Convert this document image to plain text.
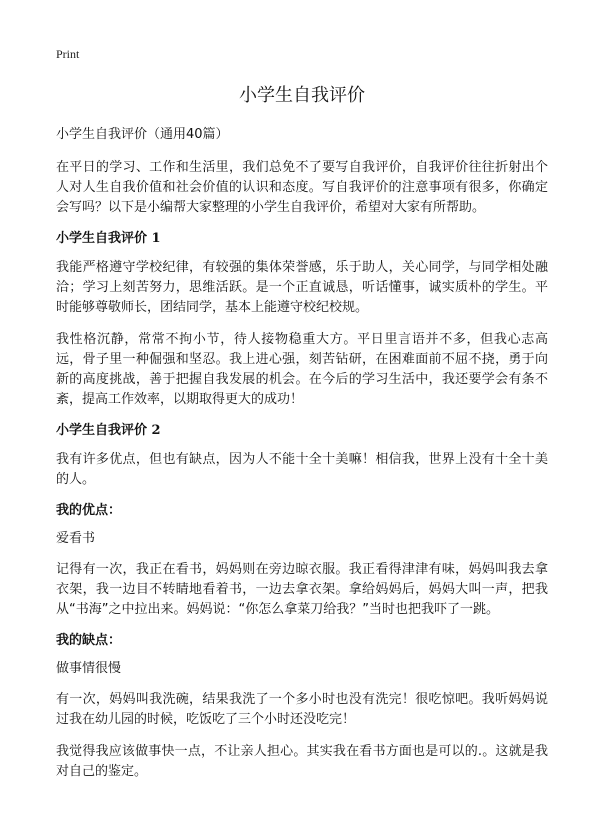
Print
小学生自我评价
小学生自我评价（通用40篇）

在平日的学习、工作和生活里，我们总免不了要写自我评价，自我评价往往折射出个人对人生自我价值和社会价值的认识和态度。写自我评价的注意事项有很多，你确定会写吗？以下是小编帮大家整理的小学生自我评价，希望对大家有所帮助。

小学生自我评价 1

我能严格遵守学校纪律，有较强的集体荣誉感，乐于助人，关心同学，与同学相处融洽；学习上刻苦努力，思维活跃。是一个正直诚恳，听话懂事，诚实质朴的学生。平时能够尊敬师长，团结同学，基本上能遵守校纪校规。

我性格沉静，常常不拘小节，待人接物稳重大方。平日里言语并不多，但我心志高远，骨子里一种倔强和坚忍。我上进心强，刻苦钻研，在困难面前不屈不挠，勇于向新的高度挑战，善于把握自我发展的机会。在今后的学习生活中，我还要学会有条不紊，提高工作效率，以期取得更大的成功！

小学生自我评价 2

我有许多优点，但也有缺点，因为人不能十全十美嘛！相信我，世界上没有十全十美的人。

我的优点：
爱看书

记得有一次，我正在看书，妈妈则在旁边晾衣服。我正看得津津有味，妈妈叫我去拿衣架，我一边目不转睛地看着书，一边去拿衣架。拿给妈妈后，妈妈大叫一声，把我从“书海”之中拉出来。妈妈说：“你怎么拿菜刀给我？”当时也把我吓了一跳。

我的缺点：
做事情很慢

有一次，妈妈叫我洗碗，结果我洗了一个多小时也没有洗完！很吃惊吧。我听妈妈说过我在幼儿园的时候，吃饭吃了三个小时还没吃完！

我觉得我应该做事快一点，不让亲人担心。其实我在看书方面也是可以的.。这就是我对自己的鉴定。
